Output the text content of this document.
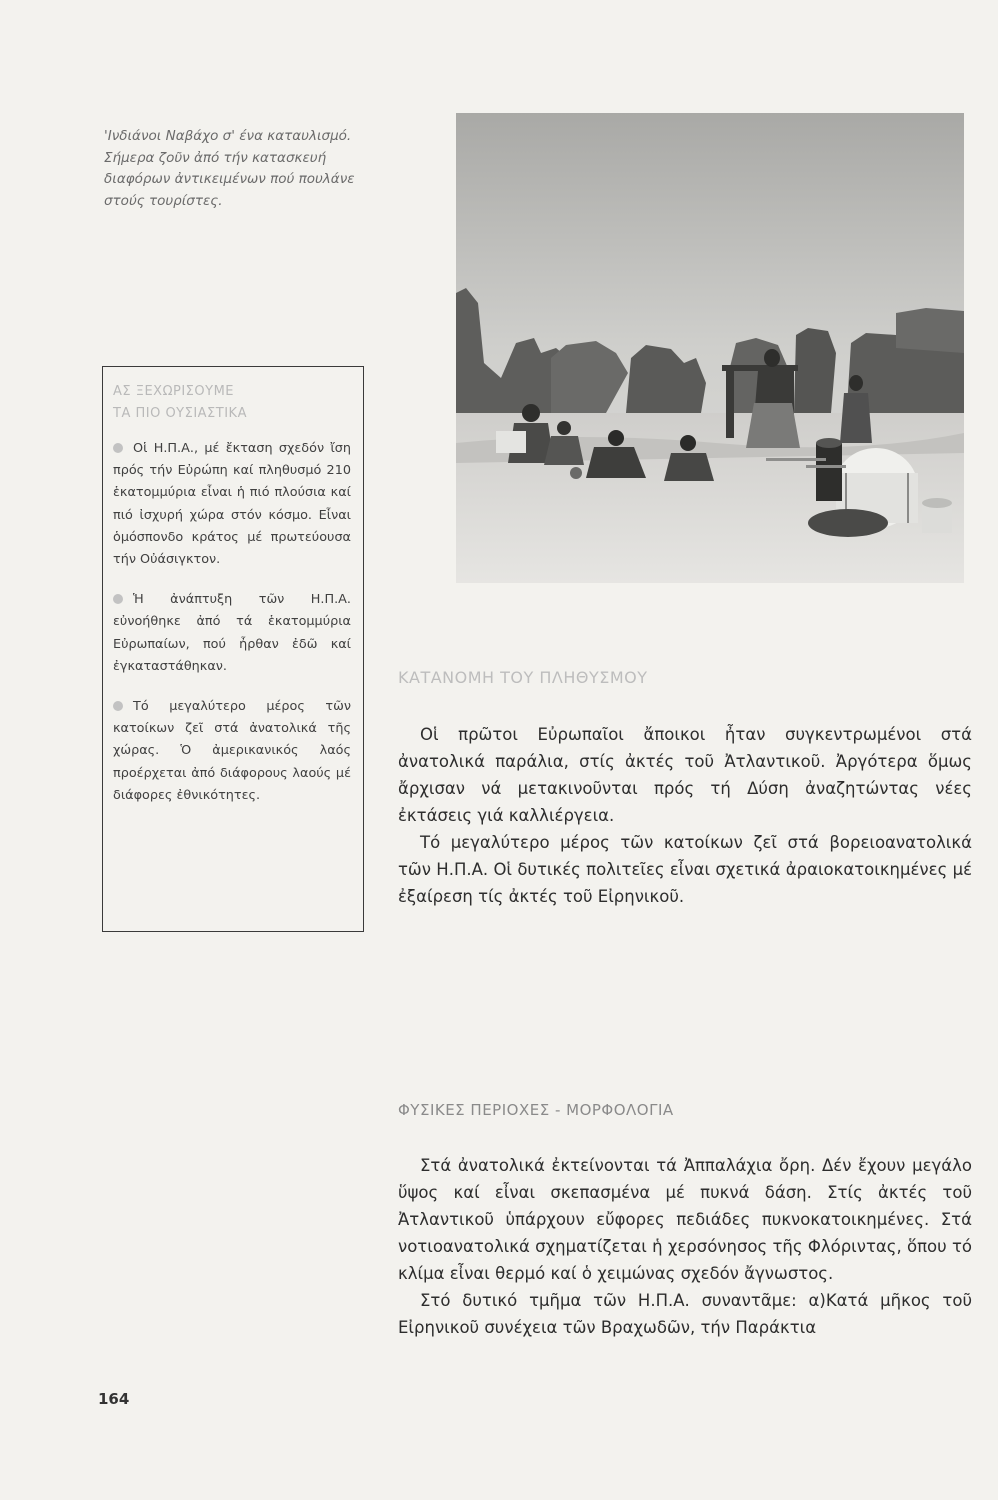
'Ινδιάνοι Ναβάχο σ' ένα καταυλισμό. Σήμερα ζοῦν ἀπό τήν κατασκευή διαφόρων ἀντικειμένων πού πουλάνε στούς τουρίστες.
ΑΣ ΞΕΧΩΡΙΣΟΥΜΕ
ΤΑ ΠΙΟ ΟΥΣΙΑΣΤΙΚΑ
Οἱ Η.Π.Α., μέ ἔκταση σχεδόν ἴση πρός τήν Εὐρώπη καί πληθυσμό 210 ἑκατομμύρια εἶναι ἡ πιό πλούσια καί πιό ἰσχυρή χώρα στόν κόσμο. Εἶναι ὁμόσπονδο κράτος μέ πρωτεύουσα τήν Οὐάσιγκτον.
Ἡ ἀνάπτυξη τῶν Η.Π.Α. εὐνοήθηκε ἀπό τά ἑκατομμύρια Εὐρωπαίων, πού ἦρθαν ἐδῶ καί ἐγκαταστάθηκαν.
Τό μεγαλύτερο μέρος τῶν κατοίκων ζεῖ στά ἀνατολικά τῆς χώρας. Ὁ ἀμερικανικός λαός προέρχεται ἀπό διάφορους λαούς μέ διάφορες ἐθνικότητες.
ΚΑΤΑΝΟΜΗ ΤΟΥ ΠΛΗΘΥΣΜΟΥ

Οἱ πρῶτοι Εὐρωπαῖοι ἄποικοι ἦταν συγκεντρωμένοι στά ἀνατολικά παράλια, στίς ἀκτές τοῦ Ἀτλαντικοῦ. Ἀργότερα ὅμως ἄρχισαν νά μετακινοῦνται πρός τή Δύση ἀναζητώντας νέες ἐκτάσεις γιά καλλιέργεια.

Τό μεγαλύτερο μέρος τῶν κατοίκων ζεῖ στά βορειοανατολικά τῶν Η.Π.Α. Οἱ δυτικές πολιτεῖες εἶναι σχετικά ἀραιοκατοικημένες μέ ἐξαίρεση τίς ἀκτές τοῦ Εἰρηνικοῦ.

ΦΥΣΙΚΕΣ ΠΕΡΙΟΧΕΣ - ΜΟΡΦΟΛΟΓΙΑ

Στά ἀνατολικά ἐκτείνονται τά Ἀππαλάχια ὄρη. Δέν ἔχουν μεγάλο ὕψος καί εἶναι σκεπασμένα μέ πυκνά δάση. Στίς ἀκτές τοῦ Ἀτλαντικοῦ ὑπάρχουν εὔφορες πεδιάδες πυκνοκατοικημένες. Στά νοτιοανατολικά σχηματίζεται ἡ χερσόνησος τῆς Φλόριντας, ὅπου τό κλίμα εἶναι θερμό καί ὁ χειμώνας σχεδόν ἄγνωστος.

Στό δυτικό τμῆμα τῶν Η.Π.Α. συναντᾶμε: α)Κατά μῆκος τοῦ Εἰρηνικοῦ συνέχεια τῶν Βραχωδῶν, τήν Παράκτια

164
